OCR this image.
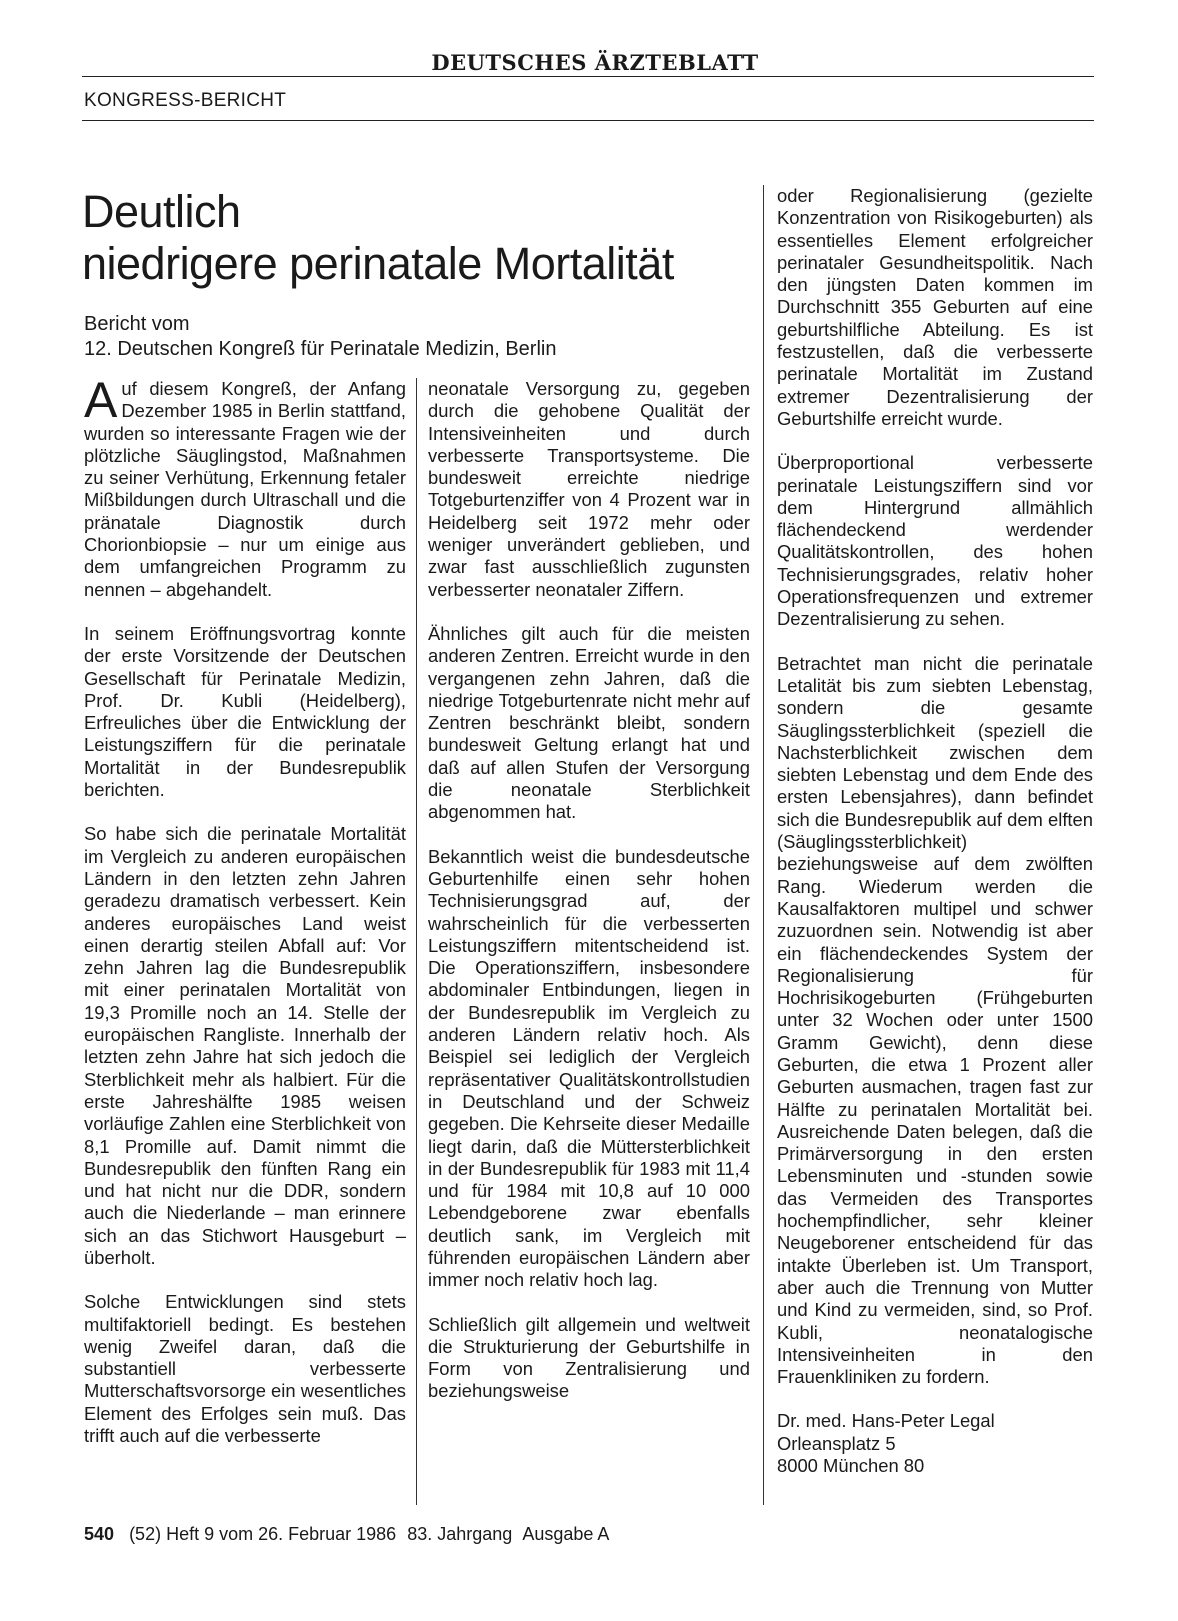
DEUTSCHES ÄRZTEBLATT
KONGRESS-BERICHT
Deutlich
niedrigere perinatale Mortalität
Bericht vom
12. Deutschen Kongreß für Perinatale Medizin, Berlin

Auf diesem Kongreß, der Anfang Dezember 1985 in Berlin stattfand, wurden so interessante Fragen wie der plötzliche Säuglingstod, Maßnahmen zu seiner Verhütung, Erkennung fetaler Mißbildungen durch Ultraschall und die pränatale Diagnostik durch Chorionbiopsie – nur um einige aus dem umfangreichen Programm zu nennen – abgehandelt.

In seinem Eröffnungsvortrag konnte der erste Vorsitzende der Deutschen Gesellschaft für Perinatale Medizin, Prof. Dr. Kubli (Heidelberg), Erfreuliches über die Entwicklung der Leistungsziffern für die perinatale Mortalität in der Bundesrepublik berichten.

So habe sich die perinatale Mortalität im Vergleich zu anderen europäischen Ländern in den letzten zehn Jahren geradezu dramatisch verbessert. Kein anderes europäisches Land weist einen derartig steilen Abfall auf: Vor zehn Jahren lag die Bundesrepublik mit einer perinatalen Mortalität von 19,3 Promille noch an 14. Stelle der europäischen Rangliste. Innerhalb der letzten zehn Jahre hat sich jedoch die Sterblichkeit mehr als halbiert. Für die erste Jahreshälfte 1985 weisen vorläufige Zahlen eine Sterblichkeit von 8,1 Promille auf. Damit nimmt die Bundesrepublik den fünften Rang ein und hat nicht nur die DDR, sondern auch die Niederlande – man erinnere sich an das Stichwort Hausgeburt – überholt.

Solche Entwicklungen sind stets multifaktoriell bedingt. Es bestehen wenig Zweifel daran, daß die substantiell verbesserte Mutterschaftsvorsorge ein wesentliches Element des Erfolges sein muß. Das trifft auch auf die verbesserte

neonatale Versorgung zu, gegeben durch die gehobene Qualität der Intensiveinheiten und durch verbesserte Transportsysteme. Die bundesweit erreichte niedrige Totgeburtenziffer von 4 Prozent war in Heidelberg seit 1972 mehr oder weniger unverändert geblieben, und zwar fast ausschließlich zugunsten verbesserter neonataler Ziffern.

Ähnliches gilt auch für die meisten anderen Zentren. Erreicht wurde in den vergangenen zehn Jahren, daß die niedrige Totgeburtenrate nicht mehr auf Zentren beschränkt bleibt, sondern bundesweit Geltung erlangt hat und daß auf allen Stufen der Versorgung die neonatale Sterblichkeit abgenommen hat.

Bekanntlich weist die bundesdeutsche Geburtenhilfe einen sehr hohen Technisierungsgrad auf, der wahrscheinlich für die verbesserten Leistungsziffern mitentscheidend ist. Die Operationsziffern, insbesondere abdominaler Entbindungen, liegen in der Bundesrepublik im Vergleich zu anderen Ländern relativ hoch. Als Beispiel sei lediglich der Vergleich repräsentativer Qualitätskontrollstudien in Deutschland und der Schweiz gegeben. Die Kehrseite dieser Medaille liegt darin, daß die Müttersterblichkeit in der Bundesrepublik für 1983 mit 11,4 und für 1984 mit 10,8 auf 10 000 Lebendgeborene zwar ebenfalls deutlich sank, im Vergleich mit führenden europäischen Ländern aber immer noch relativ hoch lag.

Schließlich gilt allgemein und weltweit die Strukturierung der Geburtshilfe in Form von Zentralisierung und beziehungsweise

oder Regionalisierung (gezielte Konzentration von Risikogeburten) als essentielles Element erfolgreicher perinataler Gesundheitspolitik. Nach den jüngsten Daten kommen im Durchschnitt 355 Geburten auf eine geburtshilfliche Abteilung. Es ist festzustellen, daß die verbesserte perinatale Mortalität im Zustand extremer Dezentralisierung der Geburtshilfe erreicht wurde.

Überproportional verbesserte perinatale Leistungsziffern sind vor dem Hintergrund allmählich flächendeckend werdender Qualitätskontrollen, des hohen Technisierungsgrades, relativ hoher Operationsfrequenzen und extremer Dezentralisierung zu sehen.

Betrachtet man nicht die perinatale Letalität bis zum siebten Lebenstag, sondern die gesamte Säuglingssterblichkeit (speziell die Nachsterblichkeit zwischen dem siebten Lebenstag und dem Ende des ersten Lebensjahres), dann befindet sich die Bundesrepublik auf dem elften (Säuglingssterblichkeit) beziehungsweise auf dem zwölften Rang. Wiederum werden die Kausalfaktoren multipel und schwer zuzuordnen sein. Notwendig ist aber ein flächendeckendes System der Regionalisierung für Hochrisikogeburten (Frühgeburten unter 32 Wochen oder unter 1500 Gramm Gewicht), denn diese Geburten, die etwa 1 Prozent aller Geburten ausmachen, tragen fast zur Hälfte zu perinatalen Mortalität bei. Ausreichende Daten belegen, daß die Primärversorgung in den ersten Lebensminuten und -stunden sowie das Vermeiden des Transportes hochempfindlicher, sehr kleiner Neugeborener entscheidend für das intakte Überleben ist. Um Transport, aber auch die Trennung von Mutter und Kind zu vermeiden, sind, so Prof. Kubli, neonatalogische Intensiveinheiten in den Frauenkliniken zu fordern.

Dr. med. Hans-Peter Legal
Orleansplatz 5
8000 München 80

540 (52) Heft 9 vom 26. Februar 1986 83. Jahrgang Ausgabe A
